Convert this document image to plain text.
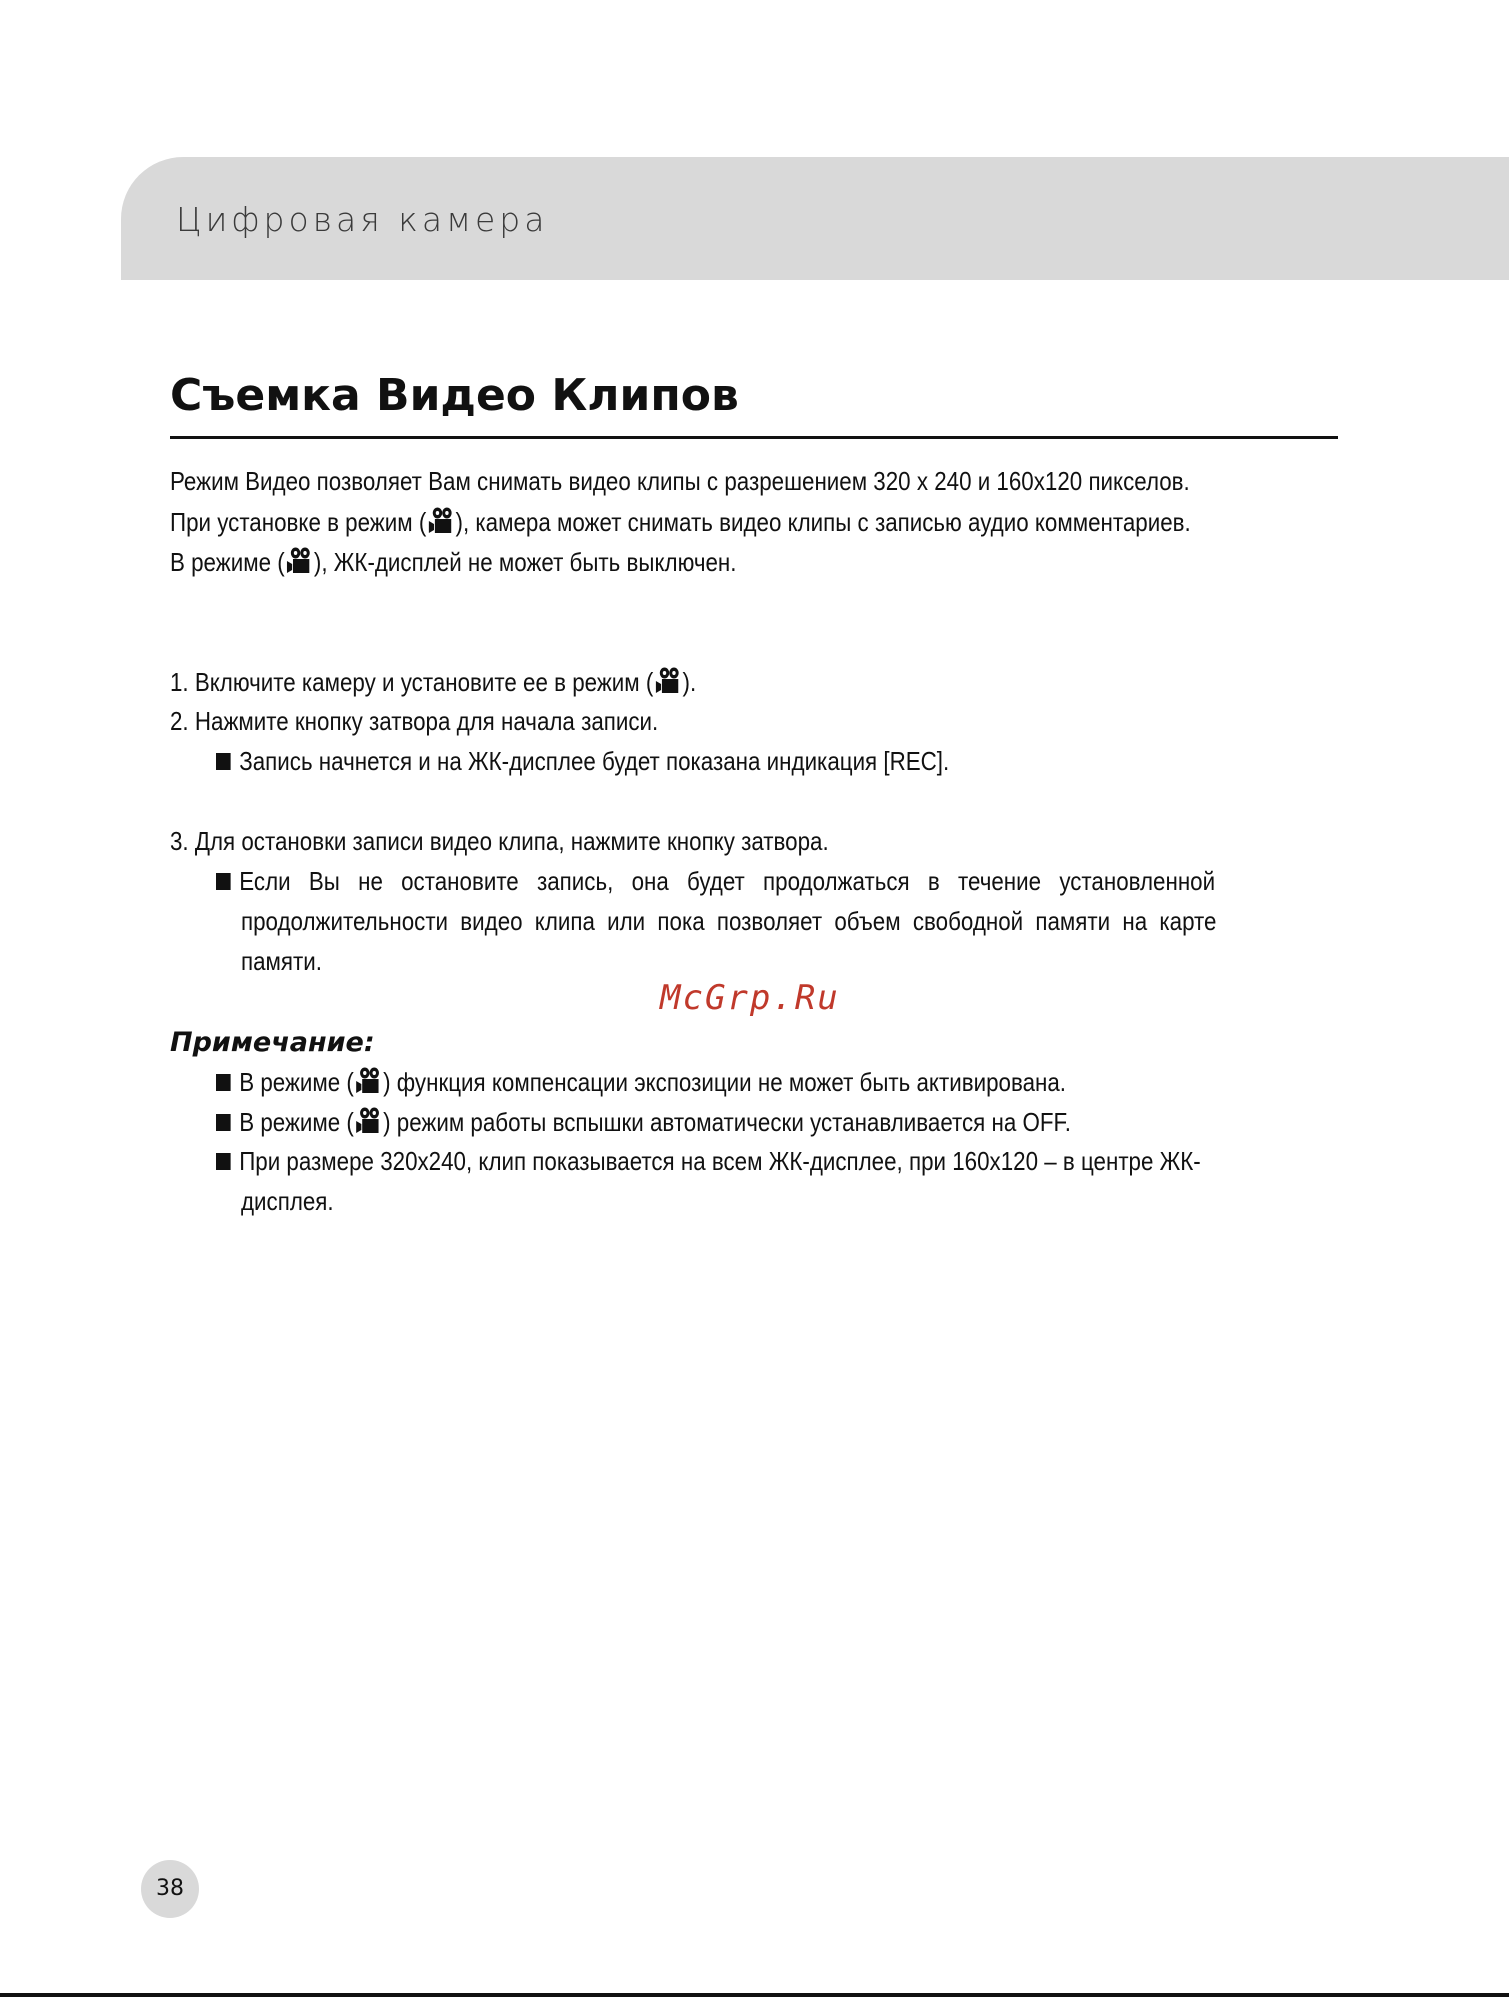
Цифровая камера
Съемка Видео Клипов
Режим Видео позволяет Вам снимать видео клипы с разрешением 320 x 240 и 160x120 пикселов.
При установке в режим ( ), камера может снимать видео клипы с записью аудио комментариев.
В режиме ( ), ЖК-дисплей не может быть выключен.
1. Включите камеру и установите ее в режим ( ).
2. Нажмите кнопку затвора для начала записи.
Запись начнется и на ЖК-дисплее будет показана индикация [REC].
3. Для остановки записи видео клипа, нажмите кнопку затвора.
Если Вы не остановите запись, она будет продолжаться в течение установленной
продолжительности видео клипа или пока позволяет объем свободной памяти на карте
памяти.
McGrp.Ru
Примечание:
В режиме ( ) функция компенсации экспозиции не может быть активирована.
В режиме ( ) режим работы вспышки автоматически устанавливается на OFF.
При размере 320x240, клип показывается на всем ЖК-дисплее, при 160x120 – в центре ЖК-
дисплея.
38
